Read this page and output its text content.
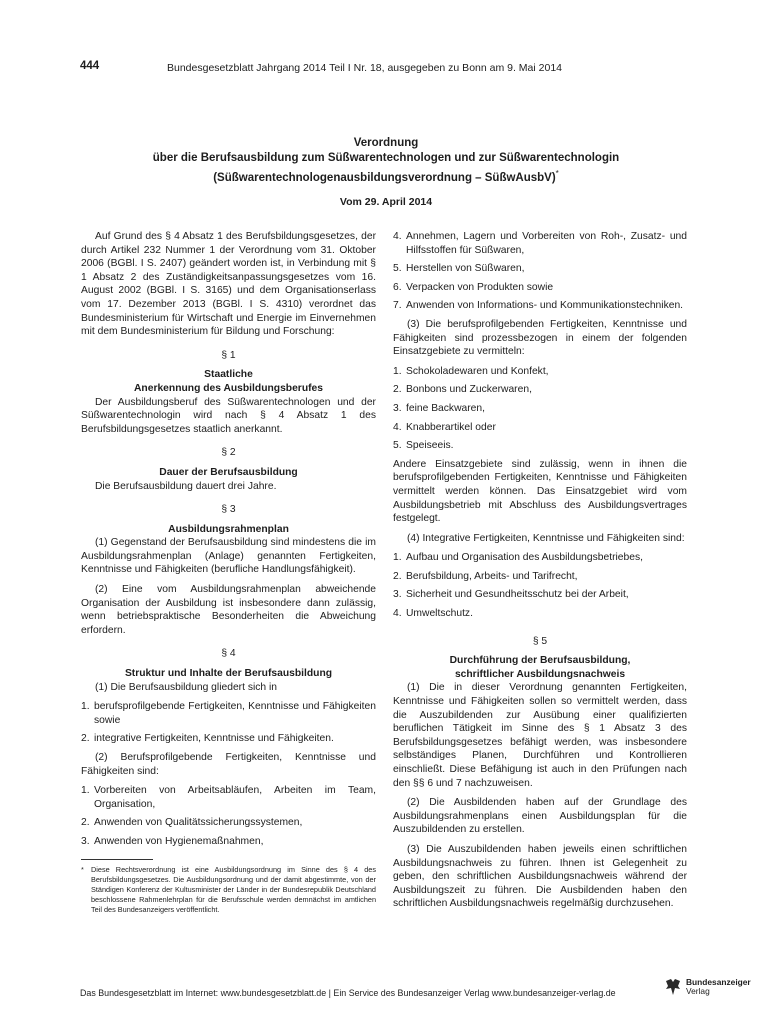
444	Bundesgesetzblatt Jahrgang 2014 Teil I Nr. 18, ausgegeben zu Bonn am 9. Mai 2014
Verordnung
über die Berufsausbildung zum Süßwarentechnologen und zur Süßwarentechnologin
(Süßwarentechnologenausbildungsverordnung – SüßwAusbV)*
Vom 29. April 2014

Auf Grund des § 4 Absatz 1 des Berufsbildungsgesetzes, der durch Artikel 232 Nummer 1 der Verordnung vom 31. Oktober 2006 (BGBl. I S. 2407) geändert worden ist, in Verbindung mit § 1 Absatz 2 des Zuständigkeitsanpassungsgesetzes vom 16. August 2002 (BGBl. I S. 3165) und dem Organisationserlass vom 17. Dezember 2013 (BGBl. I S. 4310) verordnet das Bundesministerium für Wirtschaft und Energie im Einvernehmen mit dem Bundesministerium für Bildung und Forschung:

§ 1
Staatliche
Anerkennung des Ausbildungsberufes

Der Ausbildungsberuf des Süßwarentechnologen und der Süßwarentechnologin wird nach § 4 Absatz 1 des Berufsbildungsgesetzes staatlich anerkannt.

§ 2
Dauer der Berufsausbildung

Die Berufsausbildung dauert drei Jahre.

§ 3
Ausbildungsrahmenplan

(1) Gegenstand der Berufsausbildung sind mindestens die im Ausbildungsrahmenplan (Anlage) genannten Fertigkeiten, Kenntnisse und Fähigkeiten (berufliche Handlungsfähigkeit).

(2) Eine vom Ausbildungsrahmenplan abweichende Organisation der Ausbildung ist insbesondere dann zulässig, wenn betriebspraktische Besonderheiten die Abweichung erfordern.

§ 4
Struktur und Inhalte der Berufsausbildung

(1) Die Berufsausbildung gliedert sich in

1. berufsprofilgebende Fertigkeiten, Kenntnisse und Fähigkeiten sowie
2. integrative Fertigkeiten, Kenntnisse und Fähigkeiten.

(2) Berufsprofilgebende Fertigkeiten, Kenntnisse und Fähigkeiten sind:

1. Vorbereiten von Arbeitsabläufen, Arbeiten im Team, Organisation,
2. Anwenden von Qualitätssicherungssystemen,
3. Anwenden von Hygienemaßnahmen,
* Diese Rechtsverordnung ist eine Ausbildungsordnung im Sinne des § 4 des Berufsbildungsgesetzes. Die Ausbildungsordnung und der damit abgestimmte, von der Ständigen Konferenz der Kultusminister der Länder in der Bundesrepublik Deutschland beschlossene Rahmenlehrplan für die Berufsschule werden demnächst im amtlichen Teil des Bundesanzeigers veröffentlicht.
4. Annehmen, Lagern und Vorbereiten von Roh-, Zusatz- und Hilfsstoffen für Süßwaren,
5. Herstellen von Süßwaren,
6. Verpacken von Produkten sowie
7. Anwenden von Informations- und Kommunikationstechniken.

(3) Die berufsprofilgebenden Fertigkeiten, Kenntnisse und Fähigkeiten sind prozessbezogen in einem der folgenden Einsatzgebiete zu vermitteln:

1. Schokoladewaren und Konfekt,
2. Bonbons und Zuckerwaren,
3. feine Backwaren,
4. Knabberartikel oder
5. Speiseeis.

Andere Einsatzgebiete sind zulässig, wenn in ihnen die berufsprofilgebenden Fertigkeiten, Kenntnisse und Fähigkeiten vermittelt werden können. Das Einsatzgebiet wird vom Ausbildungsbetrieb mit Abschluss des Ausbildungsvertrages festgelegt.

(4) Integrative Fertigkeiten, Kenntnisse und Fähigkeiten sind:

1. Aufbau und Organisation des Ausbildungsbetriebes,
2. Berufsbildung, Arbeits- und Tarifrecht,
3. Sicherheit und Gesundheitsschutz bei der Arbeit,
4. Umweltschutz.
§ 5
Durchführung der Berufsausbildung,
schriftlicher Ausbildungsnachweis

(1) Die in dieser Verordnung genannten Fertigkeiten, Kenntnisse und Fähigkeiten sollen so vermittelt werden, dass die Auszubildenden zur Ausübung einer qualifizierten beruflichen Tätigkeit im Sinne des § 1 Absatz 3 des Berufsbildungsgesetzes befähigt werden, was insbesondere selbständiges Planen, Durchführen und Kontrollieren einschließt. Diese Befähigung ist auch in den Prüfungen nach den §§ 6 und 7 nachzuweisen.

(2) Die Ausbildenden haben auf der Grundlage des Ausbildungsrahmenplans einen Ausbildungsplan für die Auszubildenden zu erstellen.

(3) Die Auszubildenden haben jeweils einen schriftlichen Ausbildungsnachweis zu führen. Ihnen ist Gelegenheit zu geben, den schriftlichen Ausbildungsnachweis während der Ausbildungszeit zu führen. Die Ausbildenden haben den schriftlichen Ausbildungsnachweis regelmäßig durchzusehen.

Das Bundesgesetzblatt im Internet: www.bundesgesetzblatt.de | Ein Service des Bundesanzeiger Verlag www.bundesanzeiger-verlag.de
Bundesanzeiger
Verlag
